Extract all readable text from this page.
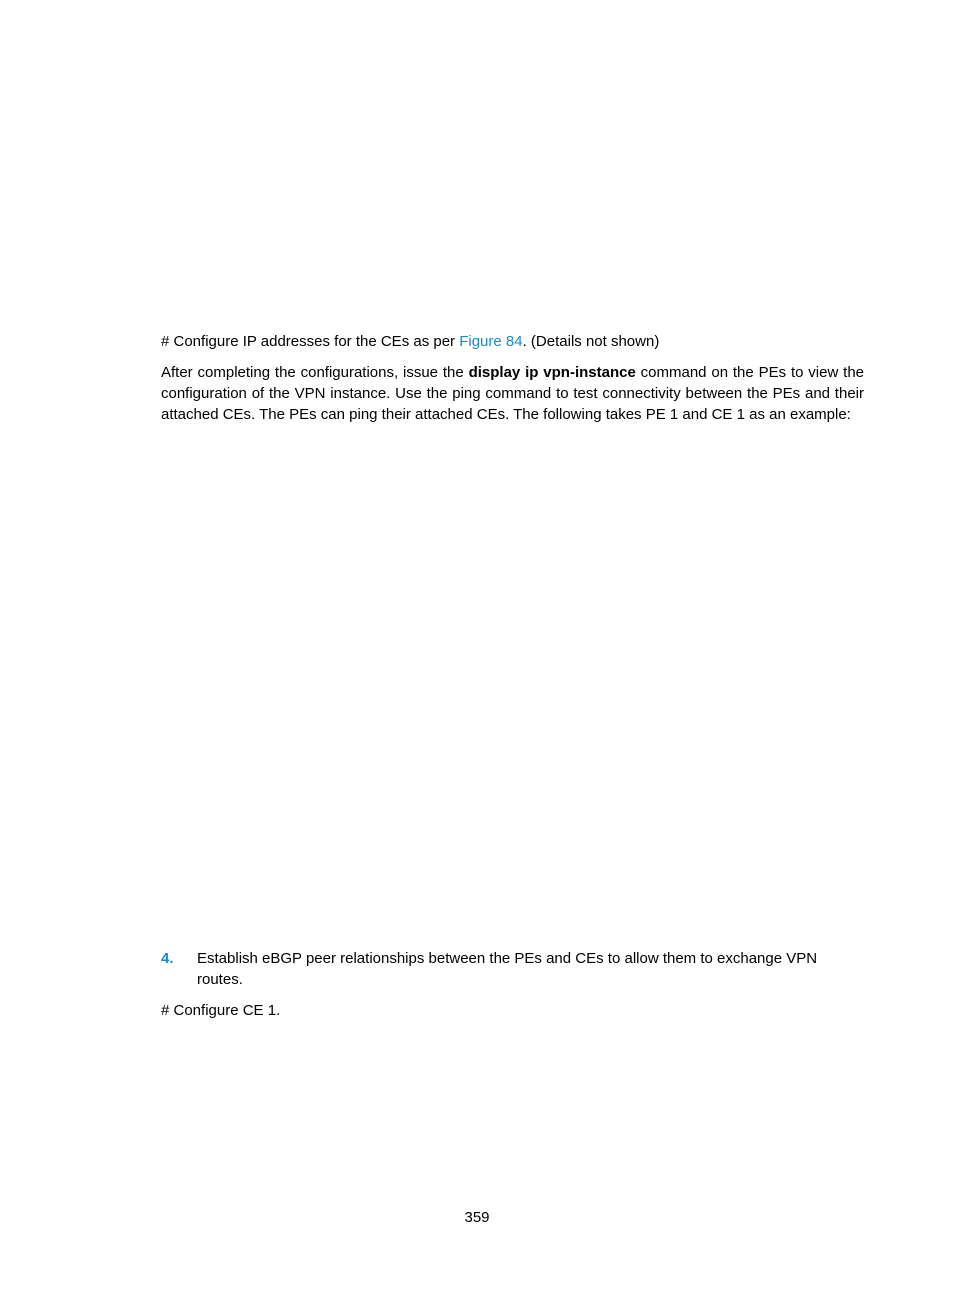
# Configure IP addresses for the CEs as per Figure 84. (Details not shown)

After completing the configurations, issue the display ip vpn-instance command on the PEs to view the configuration of the VPN instance. Use the ping command to test connectivity between the PEs and their attached CEs. The PEs can ping their attached CEs. The following takes PE 1 and CE 1 as an example:

4. Establish eBGP peer relationships between the PEs and CEs to allow them to exchange VPN routes.

# Configure CE 1.

359
